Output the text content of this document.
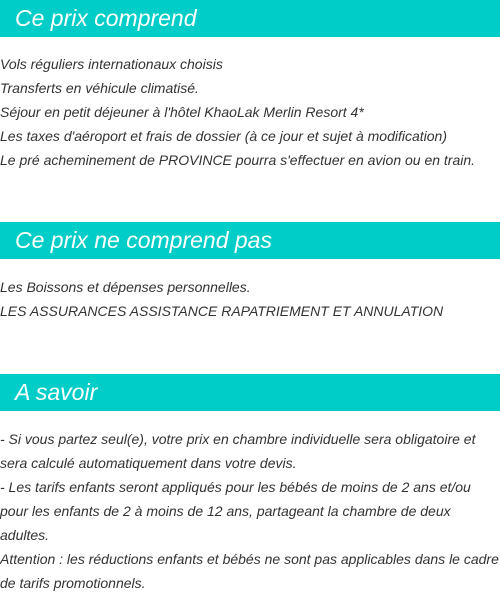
Ce prix comprend
Vols réguliers internationaux choisis
Transferts en véhicule climatisé.
Séjour en petit déjeuner à l'hôtel KhaoLak Merlin Resort 4*
Les taxes d'aéroport et frais de dossier (à ce jour et sujet à modification)
Le pré acheminement de PROVINCE pourra s'effectuer en avion ou en train.
Ce prix ne comprend pas
Les Boissons et dépenses personnelles.
LES ASSURANCES ASSISTANCE RAPATRIEMENT ET ANNULATION
A savoir

- Si vous partez seul(e), votre prix en chambre individuelle sera obligatoire et sera calculé automatiquement dans votre devis.

- Les tarifs enfants seront appliqués pour les bébés de moins de 2 ans et/ou pour les enfants de 2 à moins de 12 ans, partageant la chambre de deux adultes.

Attention : les réductions enfants et bébés ne sont pas applicables dans le cadre de tarifs promotionnels.
